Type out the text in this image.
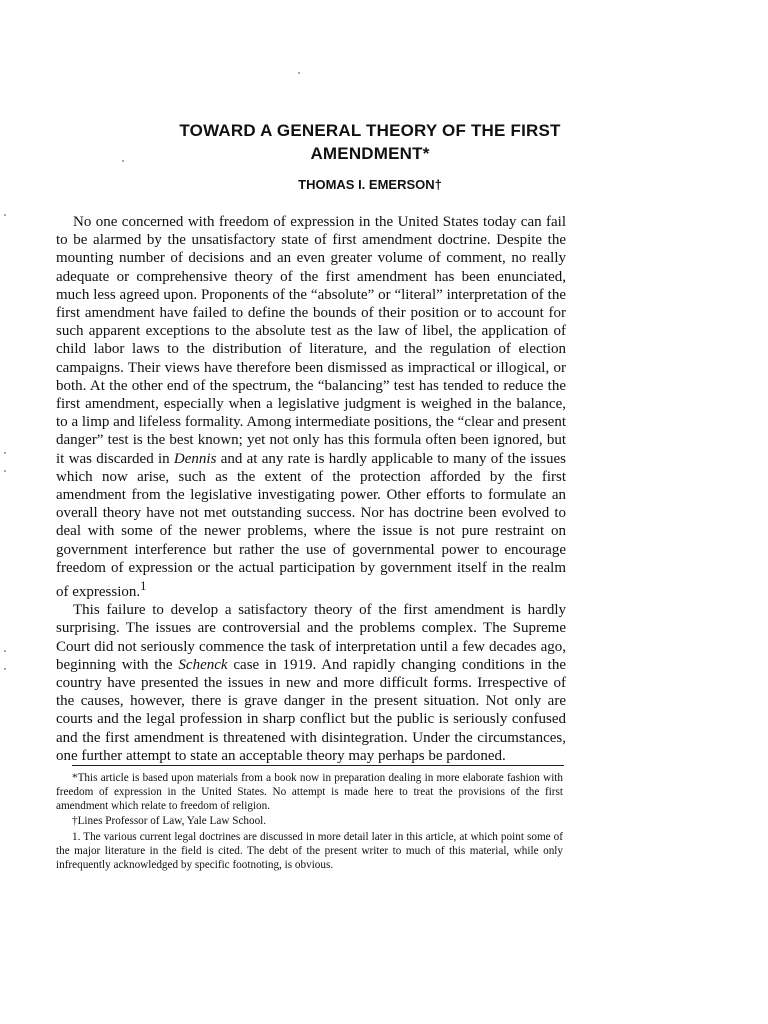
TOWARD A GENERAL THEORY OF THE FIRST
AMENDMENT*
THOMAS I. EMERSON†

No one concerned with freedom of expression in the United States today can fail to be alarmed by the unsatisfactory state of first amendment doctrine. Despite the mounting number of decisions and an even greater volume of comment, no really adequate or comprehensive theory of the first amendment has been enunciated, much less agreed upon. Proponents of the “absolute” or “literal” interpretation of the first amendment have failed to define the bounds of their position or to account for such apparent exceptions to the absolute test as the law of libel, the application of child labor laws to the distribution of literature, and the regulation of election campaigns. Their views have therefore been dismissed as impractical or illogical, or both. At the other end of the spectrum, the “balancing” test has tended to reduce the first amendment, especially when a legislative judgment is weighed in the balance, to a limp and lifeless formality. Among intermediate positions, the “clear and present danger” test is the best known; yet not only has this formula often been ignored, but it was discarded in Dennis and at any rate is hardly applicable to many of the issues which now arise, such as the extent of the protection afforded by the first amendment from the legislative investigating power. Other efforts to formulate an overall theory have not met outstanding success. Nor has doctrine been evolved to deal with some of the newer problems, where the issue is not pure restraint on government interference but rather the use of governmental power to encourage freedom of expression or the actual participation by government itself in the realm of expression.$^1$

This failure to develop a satisfactory theory of the first amendment is hardly surprising. The issues are controversial and the problems complex. The Supreme Court did not seriously commence the task of interpretation until a few decades ago, beginning with the Schenck case in 1919. And rapidly changing conditions in the country have presented the issues in new and more difficult forms. Irrespective of the causes, however, there is grave danger in the present situation. Not only are courts and the legal profession in sharp conflict but the public is seriously confused and the first amendment is threatened with disintegration. Under the circumstances, one further attempt to state an acceptable theory may perhaps be pardoned.

*This article is based upon materials from a book now in preparation dealing in more elaborate fashion with freedom of expression in the United States. No attempt is made here to treat the provisions of the first amendment which relate to freedom of religion.

†Lines Professor of Law, Yale Law School.

1. The various current legal doctrines are discussed in more detail later in this article, at which point some of the major literature in the field is cited. The debt of the present writer to much of this material, while only infrequently acknowledged by specific footnoting, is obvious.
